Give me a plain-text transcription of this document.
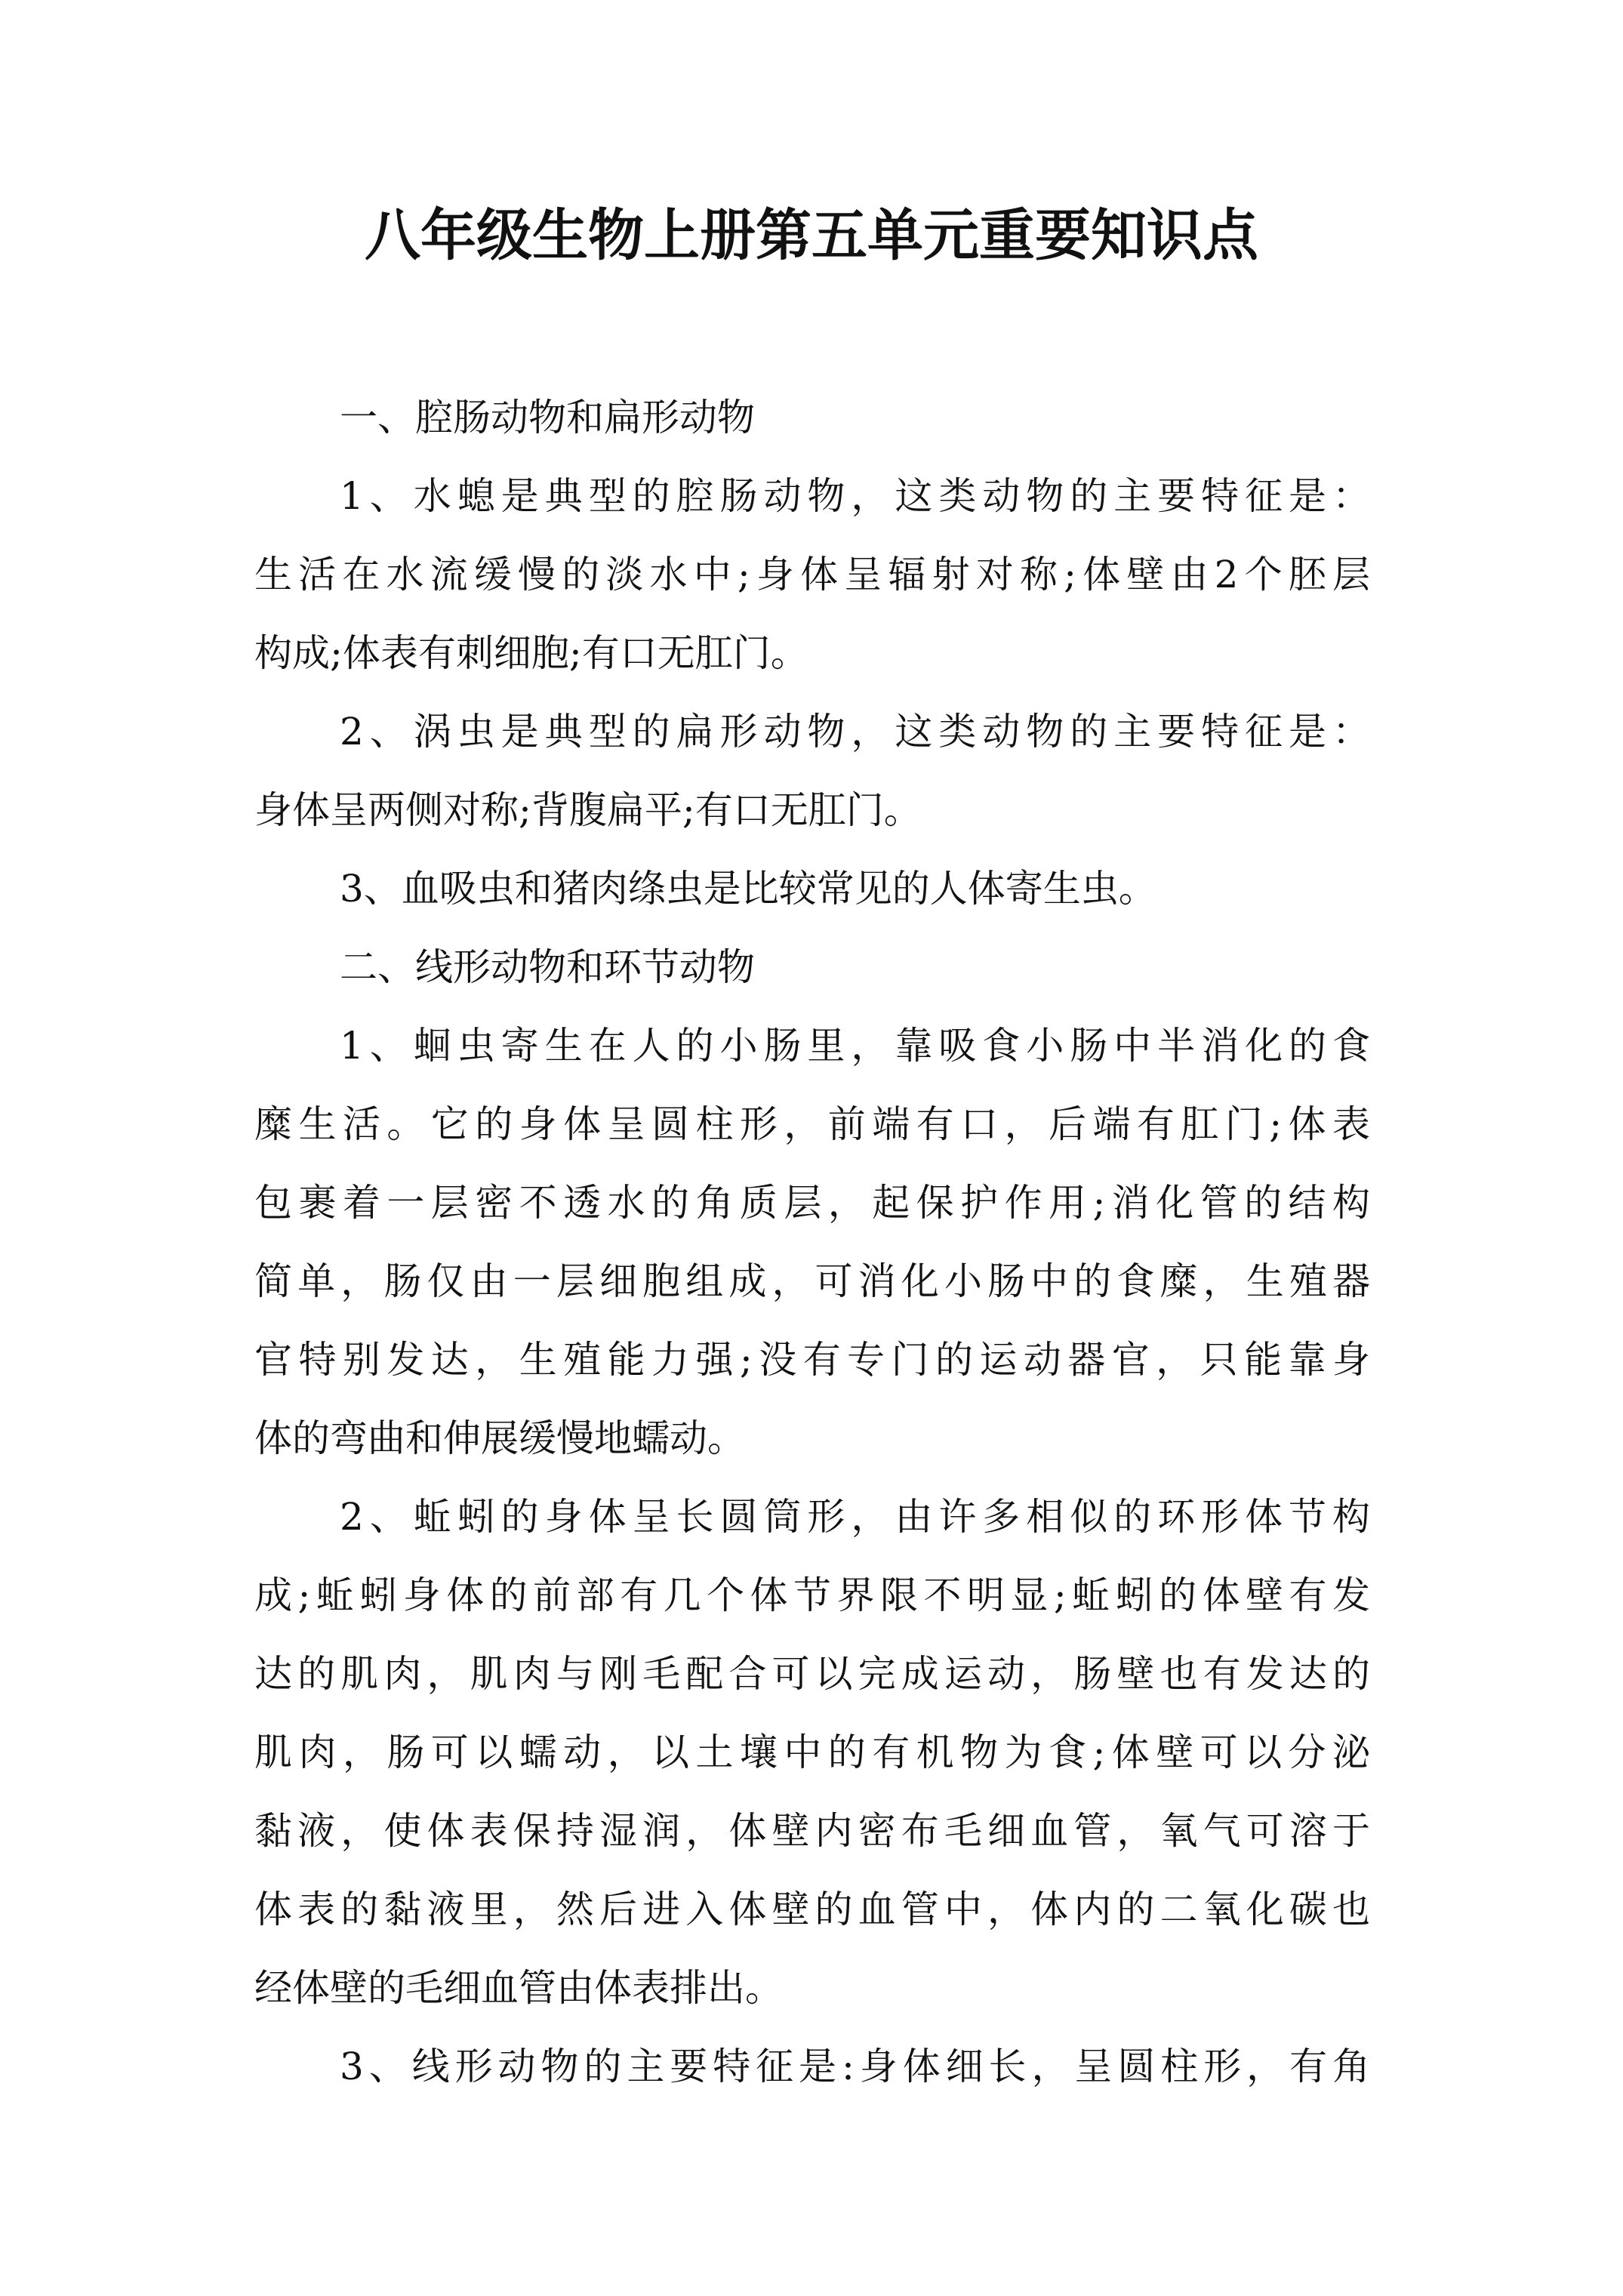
八年级生物上册第五单元重要知识点
一、腔肠动物和扁形动物
1、水螅是典型的腔肠动物，这类动物的主要特征是：
生活在水流缓慢的淡水中;身体呈辐射对称;体壁由2个胚层
构成;体表有刺细胞;有口无肛门。
2、涡虫是典型的扁形动物，这类动物的主要特征是：
身体呈两侧对称;背腹扁平;有口无肛门。
3、血吸虫和猪肉绦虫是比较常见的人体寄生虫。
二、线形动物和环节动物
1、蛔虫寄生在人的小肠里，靠吸食小肠中半消化的食
糜生活。它的身体呈圆柱形，前端有口，后端有肛门;体表
包裹着一层密不透水的角质层，起保护作用;消化管的结构
简单，肠仅由一层细胞组成，可消化小肠中的食糜，生殖器
官特别发达，生殖能力强;没有专门的运动器官，只能靠身
体的弯曲和伸展缓慢地蠕动。
2、蚯蚓的身体呈长圆筒形，由许多相似的环形体节构
成;蚯蚓身体的前部有几个体节界限不明显;蚯蚓的体壁有发
达的肌肉，肌肉与刚毛配合可以完成运动，肠壁也有发达的
肌肉，肠可以蠕动，以土壤中的有机物为食;体壁可以分泌
黏液，使体表保持湿润，体壁内密布毛细血管，氧气可溶于
体表的黏液里，然后进入体壁的血管中，体内的二氧化碳也
经体壁的毛细血管由体表排出。
3、线形动物的主要特征是:身体细长，呈圆柱形，有角
